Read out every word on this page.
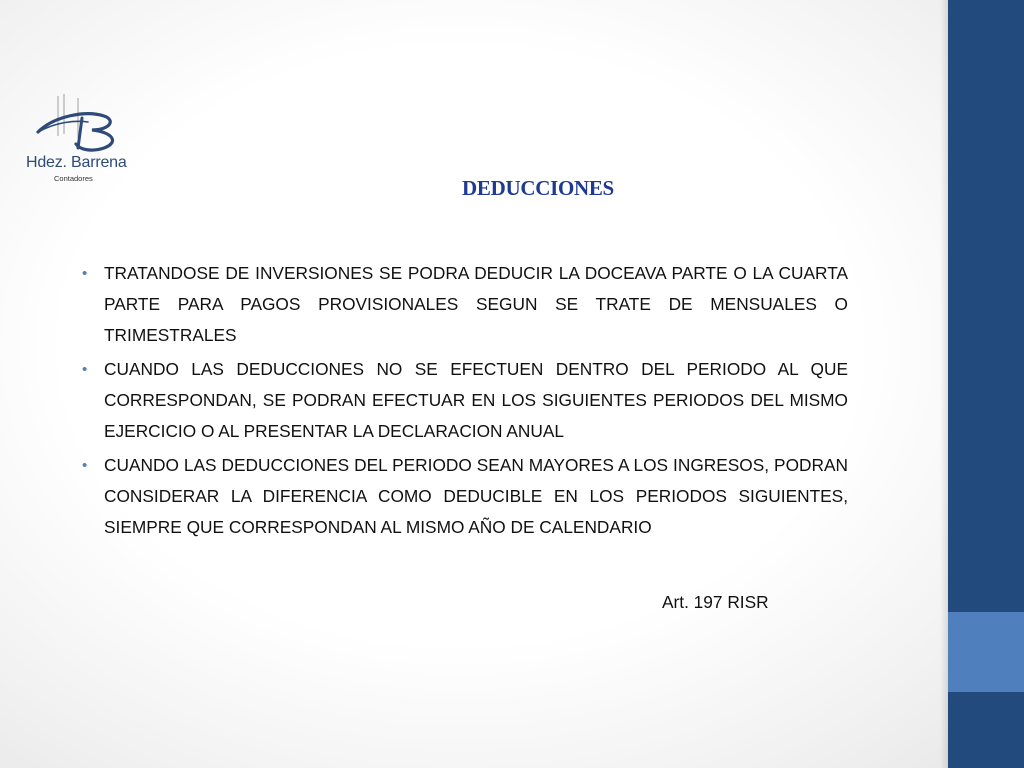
Hdez. Barrena
Contadores	DEDUCCIONES
• TRATANDOSE DE INVERSIONES SE PODRA DEDUCIR LA DOCEAVA PARTE O LA CUARTA PARTE PARA PAGOS PROVISIONALES SEGUN SE TRATE DE MENSUALES O TRIMESTRALES
• CUANDO LAS DEDUCCIONES NO SE EFECTUEN DENTRO DEL PERIODO AL QUE CORRESPONDAN, SE PODRAN EFECTUAR EN LOS SIGUIENTES PERIODOS DEL MISMO EJERCICIO O AL PRESENTAR LA DECLARACION ANUAL
• CUANDO LAS DEDUCCIONES DEL PERIODO SEAN MAYORES A LOS INGRESOS, PODRAN CONSIDERAR LA DIFERENCIA COMO DEDUCIBLE EN LOS PERIODOS SIGUIENTES, SIEMPRE QUE CORRESPONDAN AL MISMO AÑO DE CALENDARIO
Art. 197 RISR
